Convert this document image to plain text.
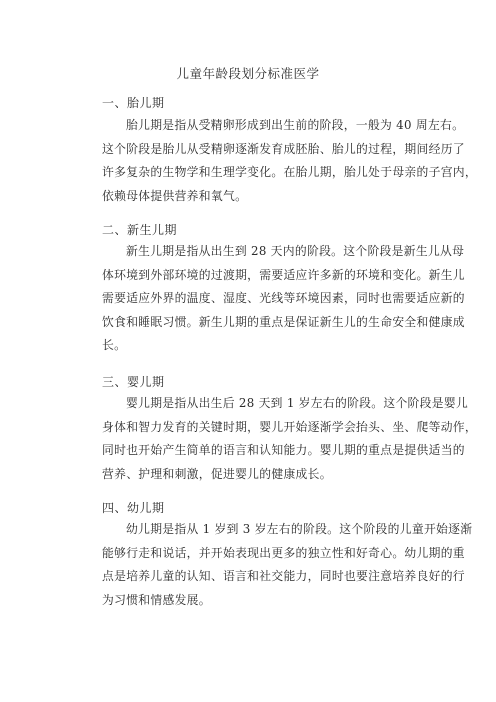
儿童年龄段划分标准医学
一、胎儿期
胎儿期是指从受精卵形成到出生前的阶段，一般为 40 周左右。
这个阶段是胎儿从受精卵逐渐发育成胚胎、胎儿的过程，期间经历了
许多复杂的生物学和生理学变化。在胎儿期，胎儿处于母亲的子宫内，
依赖母体提供营养和氧气。
二、新生儿期
新生儿期是指从出生到 28 天内的阶段。这个阶段是新生儿从母
体环境到外部环境的过渡期，需要适应许多新的环境和变化。新生儿
需要适应外界的温度、湿度、光线等环境因素，同时也需要适应新的
饮食和睡眠习惯。新生儿期的重点是保证新生儿的生命安全和健康成
长。
三、婴儿期
婴儿期是指从出生后 28 天到 1 岁左右的阶段。这个阶段是婴儿
身体和智力发育的关键时期，婴儿开始逐渐学会抬头、坐、爬等动作，
同时也开始产生简单的语言和认知能力。婴儿期的重点是提供适当的
营养、护理和刺激，促进婴儿的健康成长。
四、幼儿期
幼儿期是指从 1 岁到 3 岁左右的阶段。这个阶段的儿童开始逐渐
能够行走和说话，并开始表现出更多的独立性和好奇心。幼儿期的重
点是培养儿童的认知、语言和社交能力，同时也要注意培养良好的行
为习惯和情感发展。
